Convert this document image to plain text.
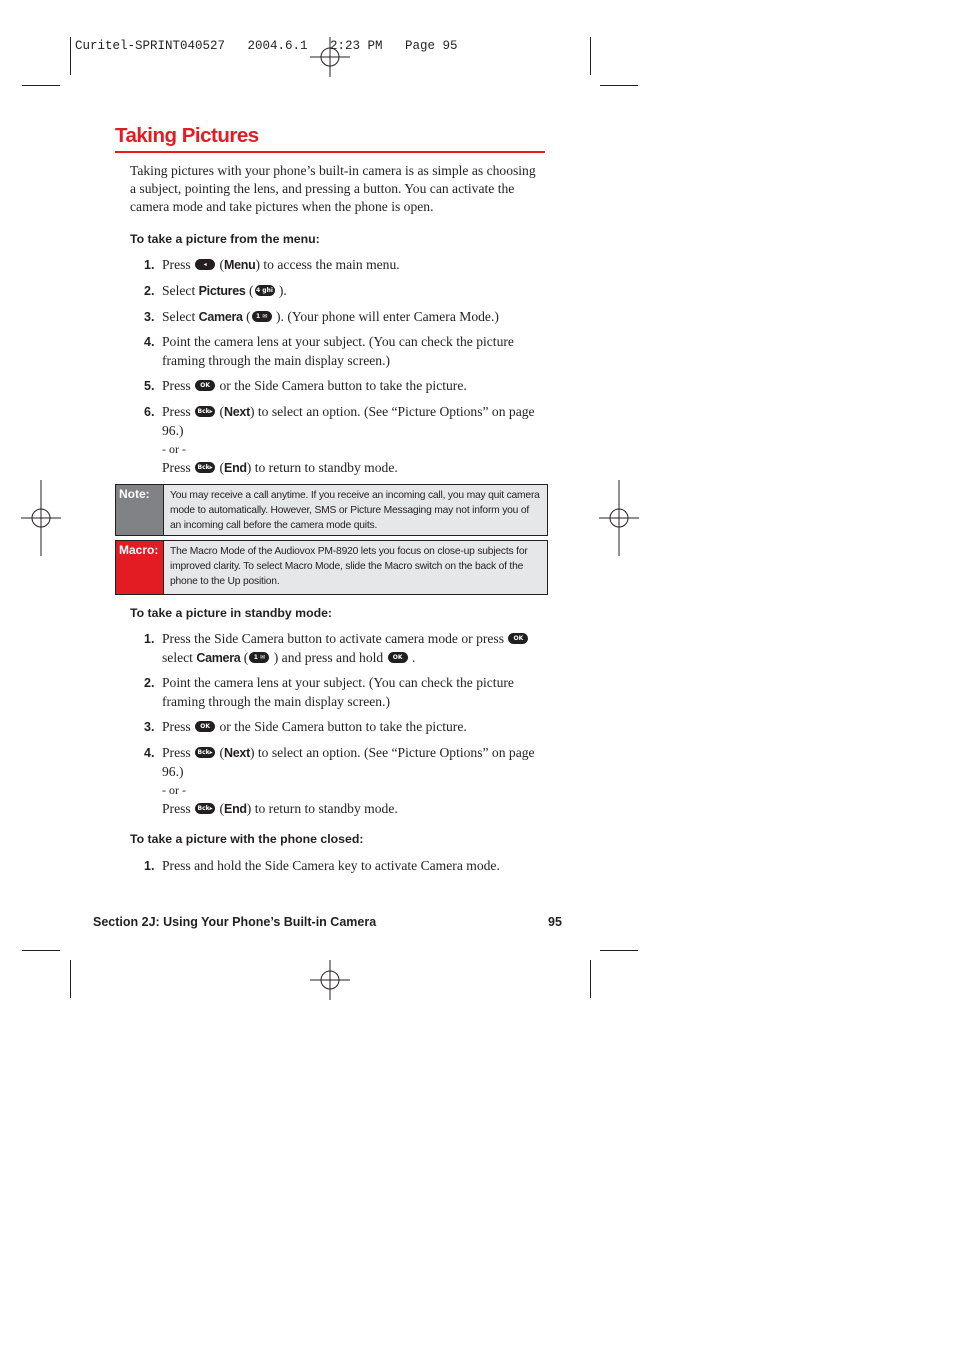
Curitel-SPRINT040527   2004.6.1   2:23 PM   Page 95
Taking Pictures
Taking pictures with your phone’s built-in camera is as simple as choosing a subject, pointing the lens, and pressing a button. You can activate the camera mode and take pictures when the phone is open.
To take a picture from the menu:
1. Press ◂ Lock (Menu) to access the main menu.
2. Select Pictures ( 4 ghi ).
3. Select Camera ( 1 ✉ ). (Your phone will enter Camera Mode.)
4. Point the camera lens at your subject. (You can check the picture framing through the main display screen.)
5. Press OK or the Side Camera button to take the picture.
6. Press Bck▸ (Next) to select an option. (See “Picture Options” on page 96.)
- or -
Press Bck▸ (End) to return to standby mode.
Note:	You may receive a call anytime. If you receive an incoming call, you may quit camera mode to automatically. However, SMS or Picture Messaging may not inform you of an incoming call before the camera mode quits.
Macro:	The Macro Mode of the Audiovox PM-8920 lets you focus on close-up subjects for improved clarity. To select Macro Mode, slide the Macro switch on the back of the phone to the Up position.
To take a picture in standby mode:
1. Press the Side Camera button to activate camera mode or press OK select Camera ( 1 ✉ ) and press and hold OK .
2. Point the camera lens at your subject. (You can check the picture framing through the main display screen.)
3. Press OK or the Side Camera button to take the picture.
4. Press Bck▸ (Next) to select an option. (See “Picture Options” on page 96.)
- or -
Press Bck▸ (End) to return to standby mode.
To take a picture with the phone closed:
1. Press and hold the Side Camera key to activate Camera mode.
Section 2J: Using Your Phone’s Built-in Camera	95
